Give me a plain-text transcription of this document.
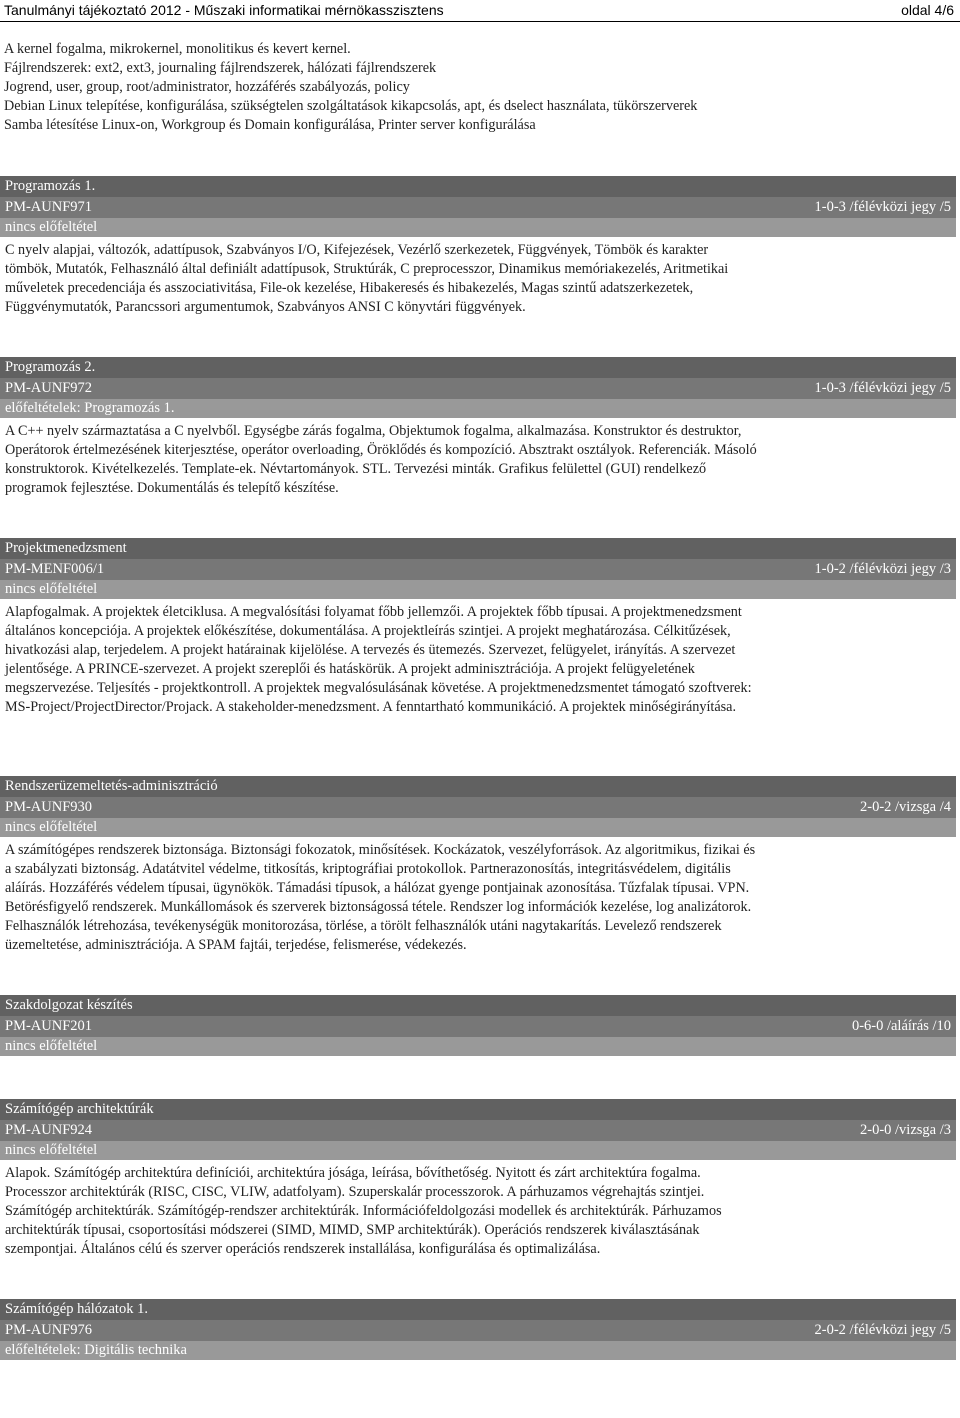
Tanulmányi tájékoztató 2012 - Műszaki informatikai mérnökasszisztens	oldal 4/6
A kernel fogalma, mikrokernel, monolitikus és kevert kernel.
Fájlrendszerek: ext2, ext3, journaling fájlrendszerek, hálózati fájlrendszerek
Jogrend, user, group, root/administrator, hozzáférés szabályozás, policy
Debian Linux telepítése, konfigurálása, szükségtelen szolgáltatások kikapcsolás, apt, és dselect használata, tükörszerverek
Samba létesítése Linux-on, Workgroup és Domain konfigurálása, Printer server konfigurálása
Programozás 1.
PM-AUNF971	1-0-3 /félévközi jegy /5
nincs előfeltétel
C nyelv alapjai, változók, adattípusok, Szabványos I/O, Kifejezések, Vezérlő szerkezetek, Függvények, Tömbök és karakter
tömbök, Mutatók, Felhasználó által definiált adattípusok, Struktúrák, C preprocesszor, Dinamikus memóriakezelés, Aritmetikai
műveletek precedenciája és asszociativitása, File-ok kezelése, Hibakeresés és hibakezelés, Magas szintű adatszerkezetek,
Függvénymutatók, Parancssori argumentumok, Szabványos ANSI C könyvtári függvények.
Programozás 2.
PM-AUNF972	1-0-3 /félévközi jegy /5
előfeltételek: Programozás 1.
A C++ nyelv származtatása a C nyelvből. Egységbe zárás fogalma, Objektumok fogalma, alkalmazása. Konstruktor és destruktor,
Operátorok értelmezésének kiterjesztése, operátor overloading, Öröklődés és kompozíció. Absztrakt osztályok. Referenciák. Másoló
konstruktorok. Kivételkezelés. Template-ek. Névtartományok. STL. Tervezési minták. Grafikus felülettel (GUI) rendelkező
programok fejlesztése. Dokumentálás és telepítő készítése.
Projektmenedzsment
PM-MENF006/1	1-0-2 /félévközi jegy /3
nincs előfeltétel
Alapfogalmak. A projektek életciklusa. A megvalósítási folyamat főbb jellemzői. A projektek főbb típusai. A projektmenedzsment
általános koncepciója. A projektek előkészítése, dokumentálása. A projektleírás szintjei. A projekt meghatározása. Célkitűzések,
hivatkozási alap, terjedelem. A projekt határainak kijelölése. A tervezés és ütemezés. Szervezet, felügyelet, irányítás. A szervezet
jelentősége. A PRINCE-szervezet. A projekt szereplői és hatáskörük. A projekt adminisztrációja. A projekt felügyeletének
megszervezése. Teljesítés - projektkontroll. A projektek megvalósulásának követése. A projektmenedzsmentet támogató szoftverek:
MS-Project/ProjectDirector/Projack. A stakeholder-menedzsment. A fenntartható kommunikáció. A projektek minőségirányítása.
Rendszerüzemeltetés-adminisztráció
PM-AUNF930	2-0-2 /vizsga /4
nincs előfeltétel
A számítógépes rendszerek biztonsága. Biztonsági fokozatok, minősítések. Kockázatok, veszélyforrások. Az algoritmikus, fizikai és
a szabályzati biztonság. Adatátvitel védelme, titkosítás, kriptográfiai protokollok. Partnerazonosítás, integritásvédelem, digitális
aláírás. Hozzáférés védelem típusai, ügynökök. Támadási típusok, a hálózat gyenge pontjainak azonosítása. Tűzfalak típusai. VPN.
Betörésfigyelő rendszerek. Munkállomások és szerverek biztonságossá tétele. Rendszer log információk kezelése, log analizátorok.
Felhasználók létrehozása, tevékenységük monitorozása, törlése, a törölt felhasználók utáni nagytakarítás. Levelező rendszerek
üzemeltetése, adminisztrációja. A SPAM fajtái, terjedése, felismerése, védekezés.
Szakdolgozat készítés
PM-AUNF201	0-6-0 /aláírás /10
nincs előfeltétel
Számítógép architektúrák
PM-AUNF924	2-0-0 /vizsga /3
nincs előfeltétel
Alapok. Számítógép architektúra definíciói, architektúra jósága, leírása, bővíthetőség. Nyitott és zárt architektúra fogalma.
Processzor architektúrák (RISC, CISC, VLIW, adatfolyam). Szuperskalár processzorok. A párhuzamos végrehajtás szintjei.
Számítógép architektúrák. Számítógép-rendszer architektúrák. Információfeldolgozási modellek és architektúrák. Párhuzamos
architektúrák típusai, csoportosítási módszerei (SIMD, MIMD, SMP architektúrák). Operációs rendszerek kiválasztásának
szempontjai. Általános célú és szerver operációs rendszerek installálása, konfigurálása és optimalizálása.
Számítógép hálózatok 1.
PM-AUNF976	2-0-2 /félévközi jegy /5
előfeltételek: Digitális technika
